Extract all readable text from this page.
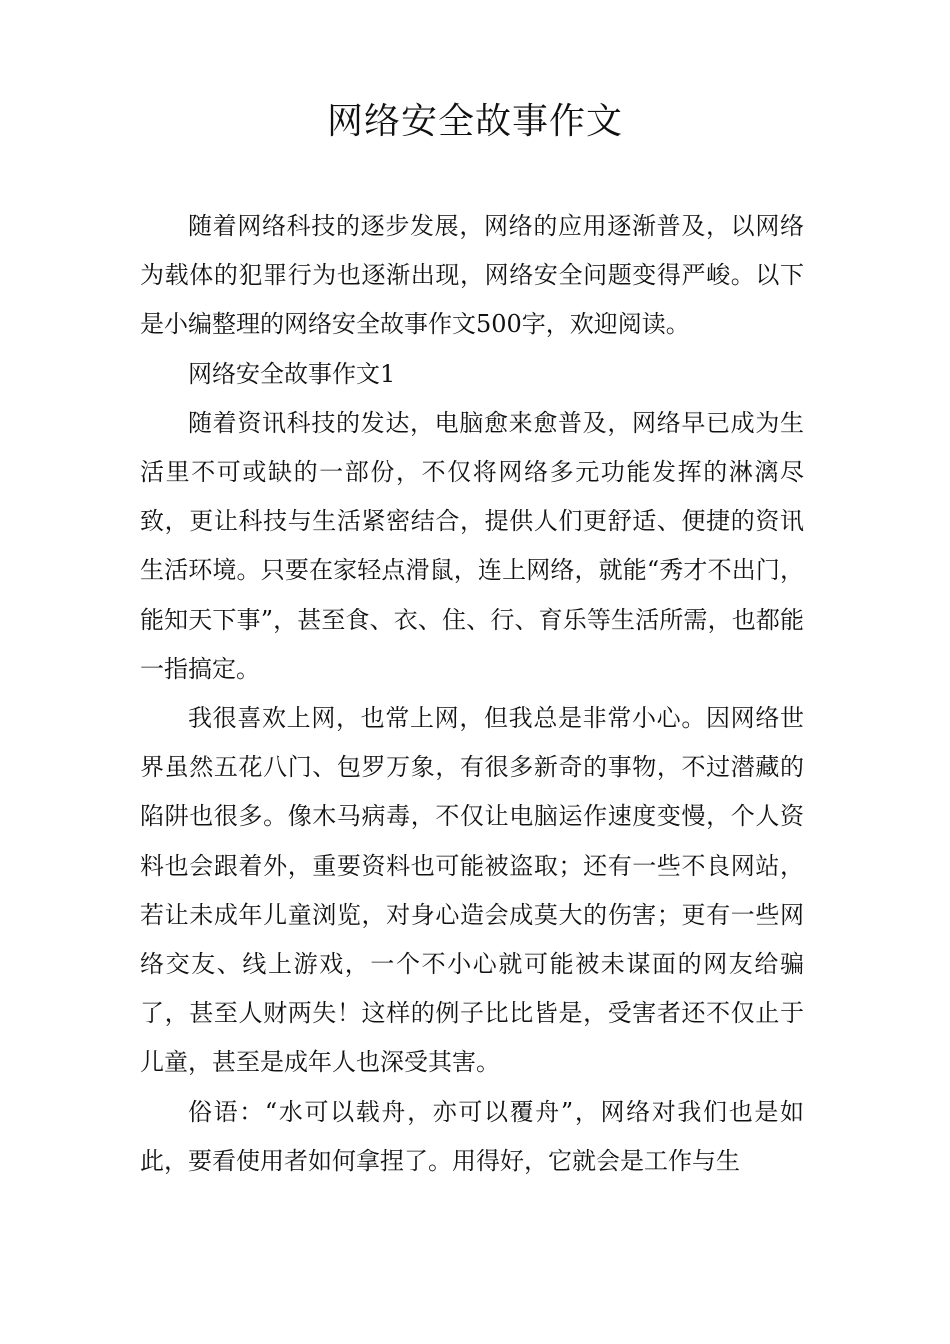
网络安全故事作文

随着网络科技的逐步发展，网络的应用逐渐普及，以网络为载体的犯罪行为也逐渐出现，网络安全问题变得严峻。以下是小编整理的网络安全故事作文500字，欢迎阅读。

网络安全故事作文1

随着资讯科技的发达，电脑愈来愈普及，网络早已成为生活里不可或缺的一部份，不仅将网络多元功能发挥的淋漓尽致，更让科技与生活紧密结合，提供人们更舒适、便捷的资讯生活环境。只要在家轻点滑鼠，连上网络，就能“秀才不出门，能知天下事”，甚至食、衣、住、行、育乐等生活所需，也都能一指搞定。

我很喜欢上网，也常上网，但我总是非常小心。因网络世界虽然五花八门、包罗万象，有很多新奇的事物，不过潜藏的陷阱也很多。像木马病毒，不仅让电脑运作速度变慢，个人资料也会跟着外，重要资料也可能被盗取；还有一些不良网站，若让未成年儿童浏览，对身心造会成莫大的伤害；更有一些网络交友、线上游戏，一个不小心就可能被未谋面的网友给骗了，甚至人财两失！这样的例子比比皆是，受害者还不仅止于儿童，甚至是成年人也深受其害。

俗语：“水可以载舟，亦可以覆舟”，网络对我们也是如此，要看使用者如何拿捏了。用得好，它就会是工作与生
